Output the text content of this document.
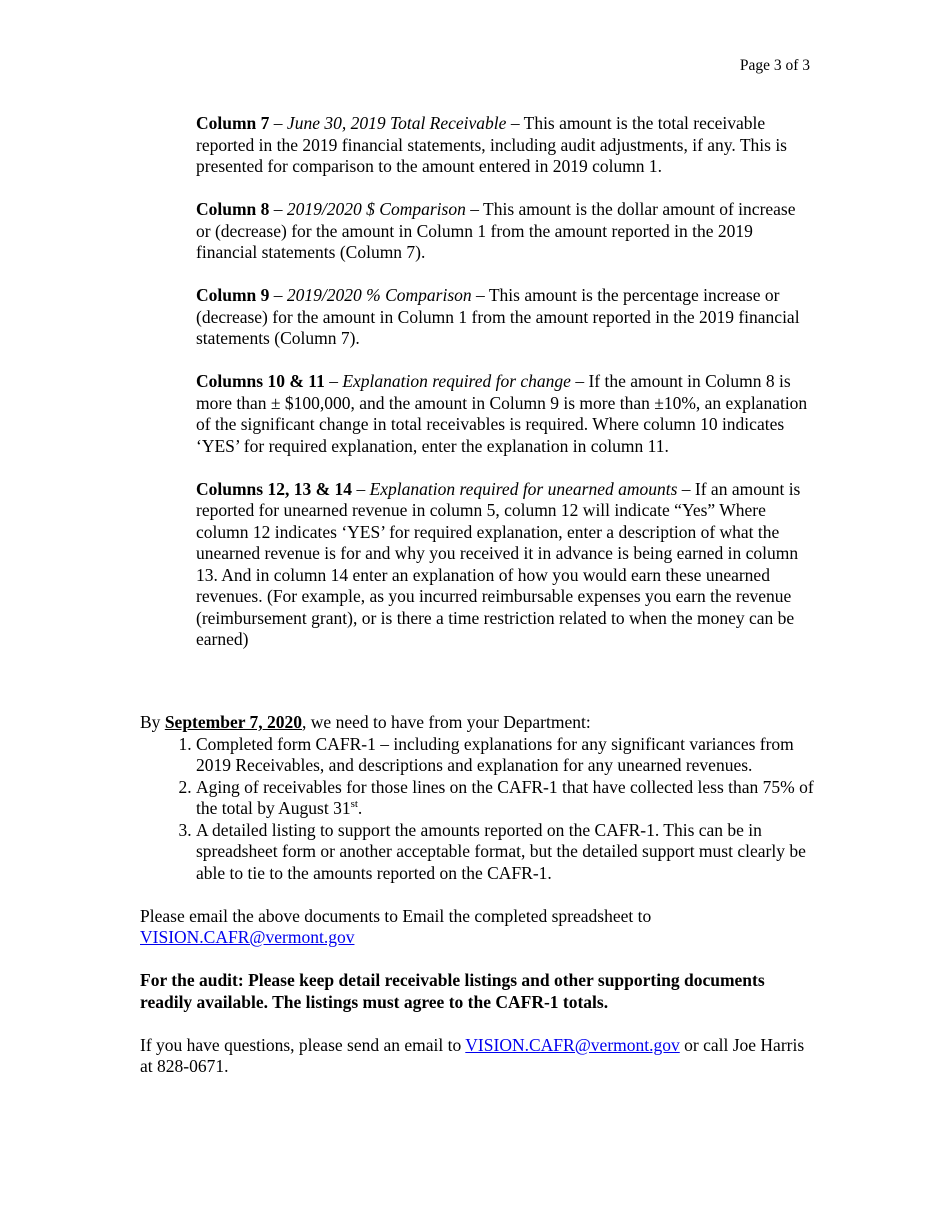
Page 3 of 3

Column 7 – June 30, 2019 Total Receivable – This amount is the total receivable reported in the 2019 financial statements, including audit adjustments, if any. This is presented for comparison to the amount entered in 2019 column 1.

Column 8 – 2019/2020 $ Comparison – This amount is the dollar amount of increase or (decrease) for the amount in Column 1 from the amount reported in the 2019 financial statements (Column 7).

Column 9 – 2019/2020 % Comparison – This amount is the percentage increase or (decrease) for the amount in Column 1 from the amount reported in the 2019 financial statements (Column 7).

Columns 10 & 11 – Explanation required for change – If the amount in Column 8 is more than ± $100,000, and the amount in Column 9 is more than ±10%, an explanation of the significant change in total receivables is required. Where column 10 indicates ‘YES’ for required explanation, enter the explanation in column 11.

Columns 12, 13 & 14 – Explanation required for unearned amounts – If an amount is reported for unearned revenue in column 5, column 12 will indicate “Yes” Where column 12 indicates ‘YES’ for required explanation, enter a description of what the unearned revenue is for and why you received it in advance is being earned in column 13. And in column 14 enter an explanation of how you would earn these unearned revenues. (For example, as you incurred reimbursable expenses you earn the revenue (reimbursement grant), or is there a time restriction related to when the money can be earned)

By September 7, 2020, we need to have from your Department:

1. Completed form CAFR-1 – including explanations for any significant variances from 2019 Receivables, and descriptions and explanation for any unearned revenues.
2. Aging of receivables for those lines on the CAFR-1 that have collected less than 75% of the total by August 31st.
3. A detailed listing to support the amounts reported on the CAFR-1. This can be in spreadsheet form or another acceptable format, but the detailed support must clearly be able to tie to the amounts reported on the CAFR-1.

Please email the above documents to Email the completed spreadsheet to VISION.CAFR@vermont.gov

For the audit: Please keep detail receivable listings and other supporting documents readily available. The listings must agree to the CAFR-1 totals.

If you have questions, please send an email to VISION.CAFR@vermont.gov or call Joe Harris at 828-0671.
